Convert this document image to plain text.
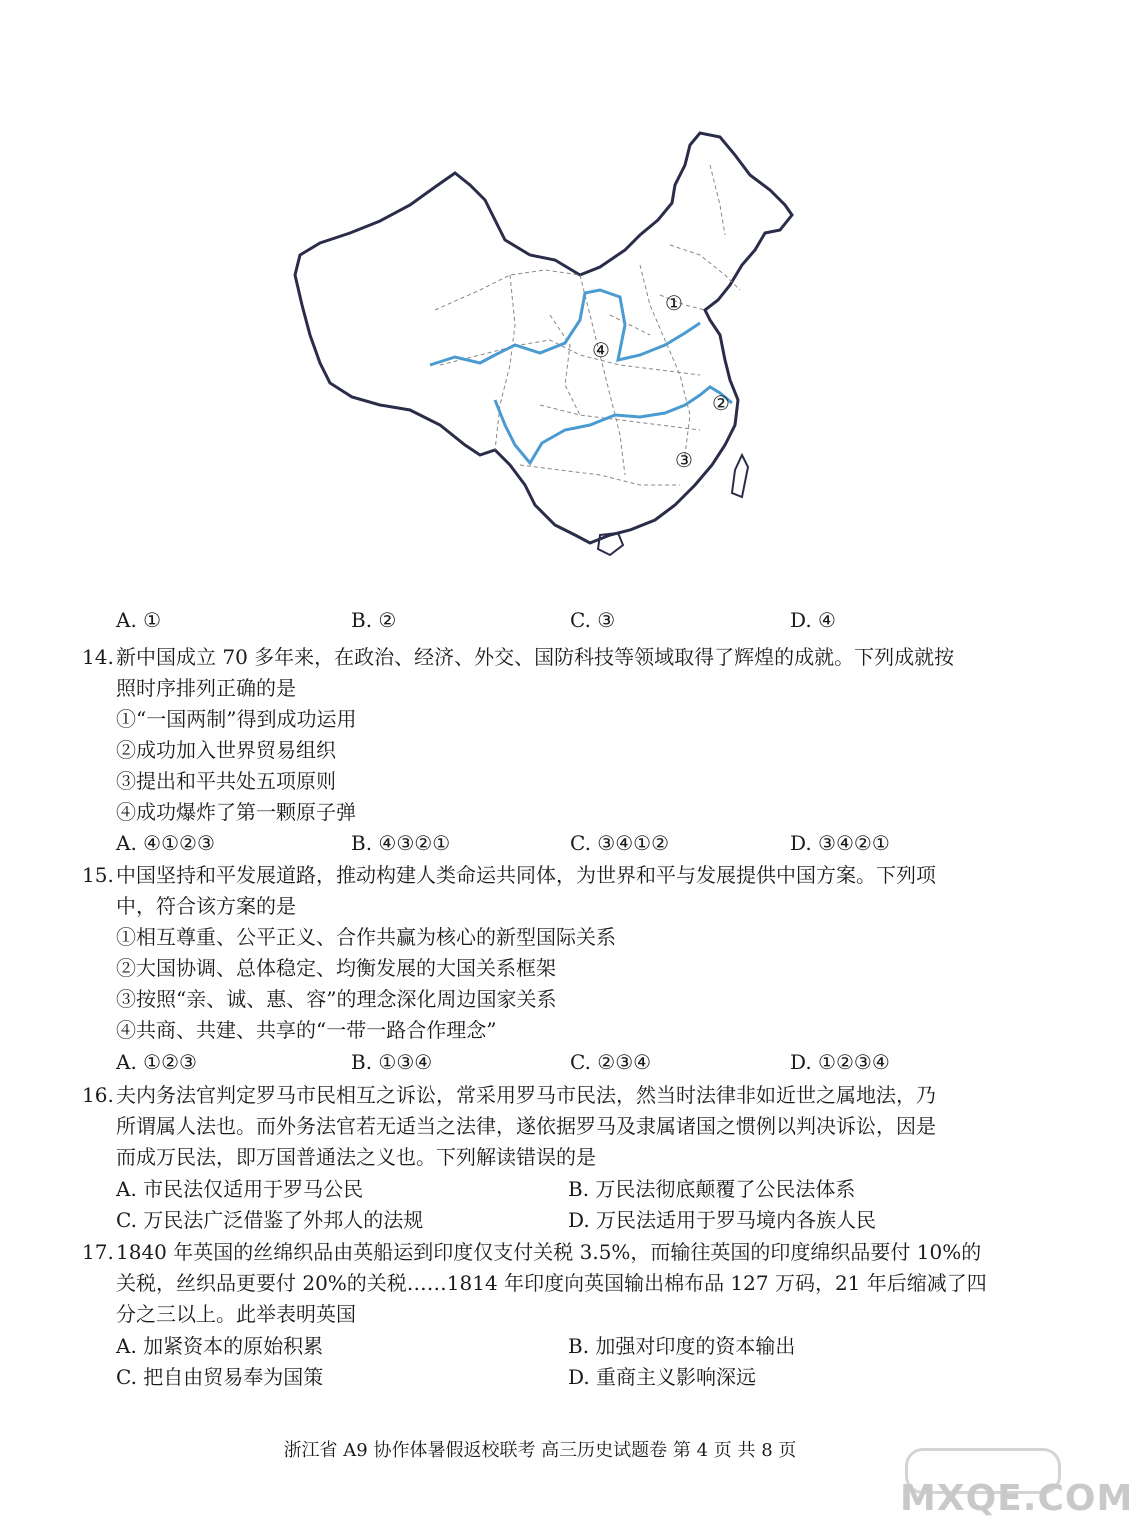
①
④
②
③
A. ①	B. ②	C. ③	D. ④
14. 新中国成立 70 多年来，在政治、经济、外交、国防科技等领域取得了辉煌的成就。下列成就按
照时序排列正确的是
①“一国两制”得到成功运用
②成功加入世界贸易组织
③提出和平共处五项原则
④成功爆炸了第一颗原子弹
A. ④①②③	B. ④③②①	C. ③④①②	D. ③④②①
15. 中国坚持和平发展道路，推动构建人类命运共同体，为世界和平与发展提供中国方案。下列项
中，符合该方案的是
①相互尊重、公平正义、合作共赢为核心的新型国际关系
②大国协调、总体稳定、均衡发展的大国关系框架
③按照“亲、诚、惠、容”的理念深化周边国家关系
④共商、共建、共享的“一带一路合作理念”
A. ①②③	B. ①③④	C. ②③④	D. ①②③④
16. 夫内务法官判定罗马市民相互之诉讼，常采用罗马市民法，然当时法律非如近世之属地法，乃
所谓属人法也。而外务法官若无适当之法律，遂依据罗马及隶属诸国之惯例以判决诉讼，因是
而成万民法，即万国普通法之义也。下列解读错误的是
A. 市民法仅适用于罗马公民	B. 万民法彻底颠覆了公民法体系
C. 万民法广泛借鉴了外邦人的法规	D. 万民法适用于罗马境内各族人民
17. 1840 年英国的丝绵织品由英船运到印度仅支付关税 3.5%，而输往英国的印度绵织品要付 10%的
关税，丝织品更要付 20%的关税……1814 年印度向英国输出棉布品 127 万码，21 年后缩减了四
分之三以上。此举表明英国
A. 加紧资本的原始积累	B. 加强对印度的资本输出
C. 把自由贸易奉为国策	D. 重商主义影响深远
浙江省 A9 协作体暑假返校联考 高三历史试题卷 第 4 页 共 8 页
MXQE.COM
